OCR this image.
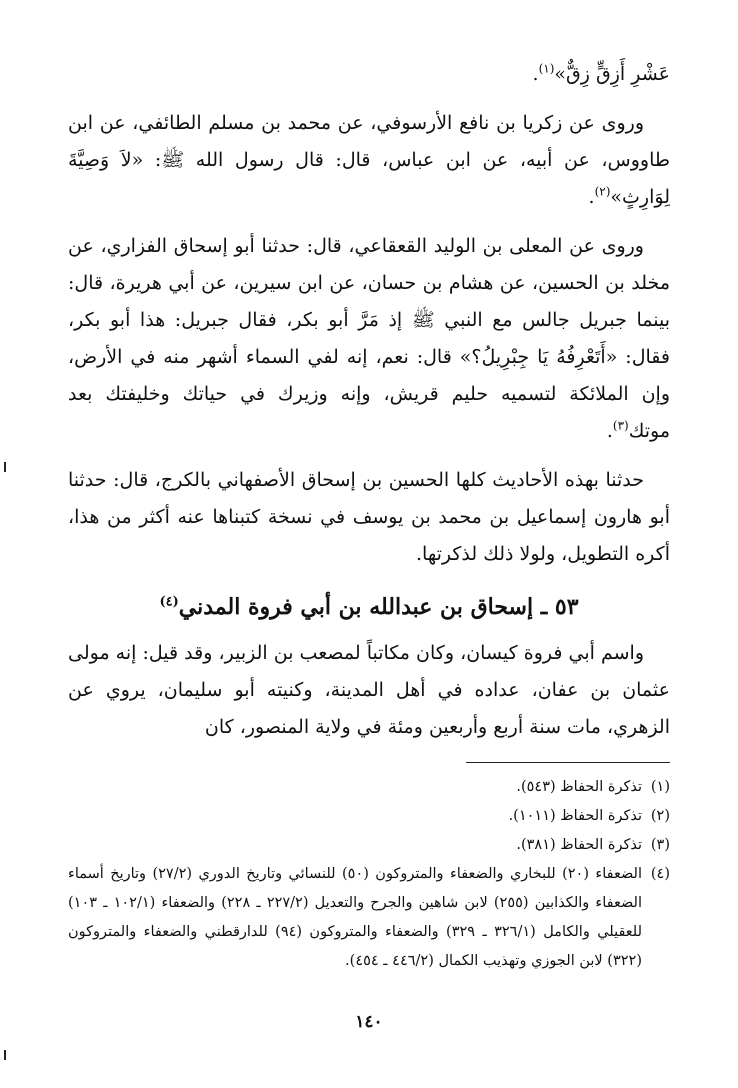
عَشْرِ أَزِقٍّ زِقٌّ»$^{(١)}$.

وروى عن زكريا بن نافع الأرسوفي، عن محمد بن مسلم الطائفي، عن ابن طاووس، عن أبيه، عن ابن عباس، قال: قال رسول الله ﷺ: «لاَ وَصِيَّةَ لِوَارِثٍ»$^{(٢)}$.

وروى عن المعلى بن الوليد القعقاعي، قال: حدثنا أبو إسحاق الفزاري، عن مخلد بن الحسين، عن هشام بن حسان، عن ابن سيرين، عن أبي هريرة، قال: بينما جبريل جالس مع النبي ﷺ إذ مَرَّ أبو بكر، فقال جبريل: هذا أبو بكر، فقال: «أَتَعْرِفُهُ يَا جِبْرِيلُ؟» قال: نعم، إنه لفي السماء أشهر منه في الأرض، وإن الملائكة لتسميه حليم قريش، وإنه وزيرك في حياتك وخليفتك بعد موتك$^{(٣)}$.

حدثنا بهذه الأحاديث كلها الحسين بن إسحاق الأصفهاني بالكرج، قال: حدثنا أبو هارون إسماعيل بن محمد بن يوسف في نسخة كتبناها عنه أكثر من هذا، أكره التطويل، ولولا ذلك لذكرتها.

٥٣ ـ إسحاق بن عبدالله بن أبي فروة المدني$^{(٤)}$

واسم أبي فروة كيسان، وكان مكاتباً لمصعب بن الزبير، وقد قيل: إنه مولى عثمان بن عفان، عداده في أهل المدينة، وكنيته أبو سليمان، يروي عن الزهري، مات سنة أربع وأربعين ومئة في ولاية المنصور، كان

(١)
تذكرة الحفاظ (٥٤٣).
(٢)
تذكرة الحفاظ (١٠١١).
(٣)
تذكرة الحفاظ (٣٨١).
(٤)
الضعفاء (٢٠) للبخاري والضعفاء والمتروكون (٥٠) للنسائي وتاريخ الدوري (٢٧/٢) وتاريخ أسماء الضعفاء والكذابين (٢٥٥) لابن شاهين والجرح والتعديل (٢٢٧/٢ ـ ٢٢٨) والضعفاء (١٠٢/١ ـ ١٠٣) للعقيلي والكامل (٣٢٦/١ ـ ٣٢٩) والضعفاء والمتروكون (٩٤) للدارقطني والضعفاء والمتروكون (٣٢٢) لابن الجوزي وتهذيب الكمال (٤٤٦/٢ ـ ٤٥٤).
١٤٠
